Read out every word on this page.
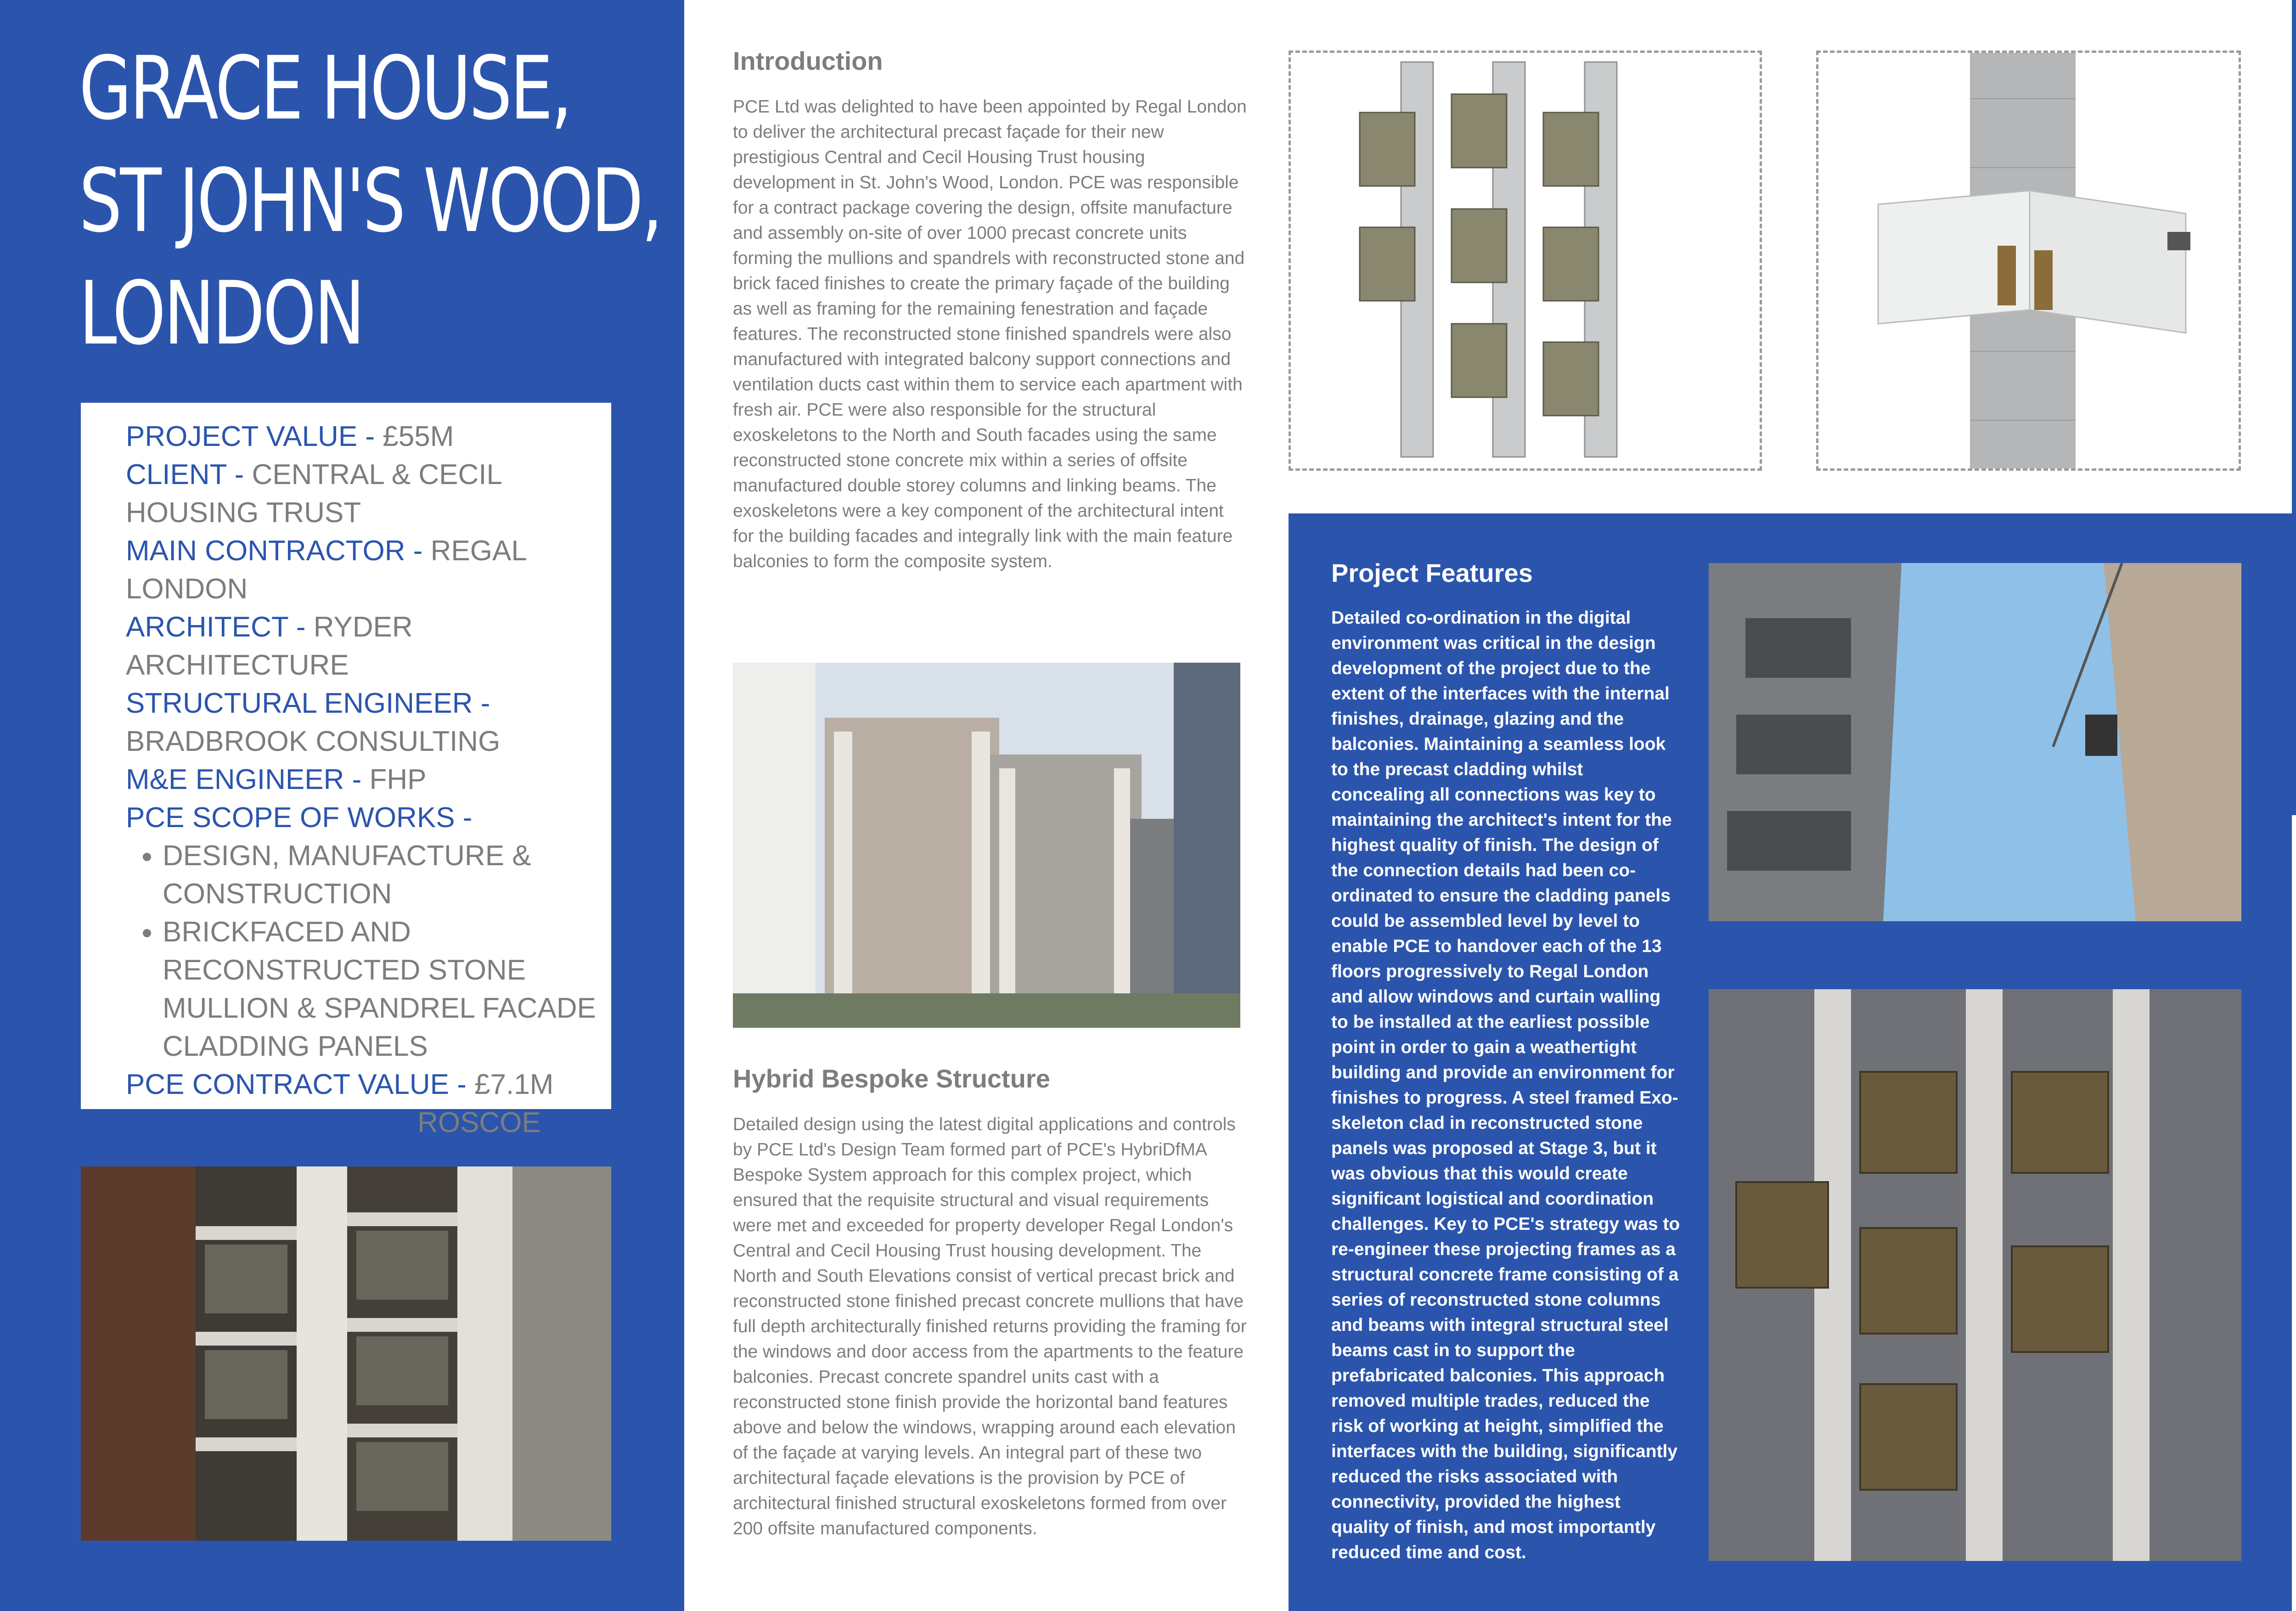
GRACE HOUSE,
ST JOHN'S WOOD,
LONDON

PROJECT VALUE - £55M

CLIENT - CENTRAL & CECIL HOUSING TRUST

MAIN CONTRACTOR - REGAL LONDON

ARCHITECT - RYDER ARCHITECTURE

STRUCTURAL ENGINEER - BRADBROOK CONSULTING

M&E ENGINEER - FHP

PCE SCOPE OF WORKS -

• DESIGN, MANUFACTURE & CONSTRUCTION
• BRICKFACED AND RECONSTRUCTED STONE MULLION & SPANDREL FACADE CLADDING PANELS

PCE CONTRACT VALUE - £7.1M

EXTERNAL DESIGN - ROSCOE

Introduction

PCE Ltd was delighted to have been appointed by Regal London to deliver the architectural precast façade for their new prestigious Central and Cecil Housing Trust housing development in St. John's Wood, London. PCE was responsible for a contract package covering the design, offsite manufacture and assembly on-site of over 1000 precast concrete units forming the mullions and spandrels with reconstructed stone and brick faced finishes to create the primary façade of the building as well as framing for the remaining fenestration and façade features. The reconstructed stone finished spandrels were also manufactured with integrated balcony support connections and ventilation ducts cast within them to service each apartment with fresh air. PCE were also responsible for the structural exoskeletons to the North and South facades using the same reconstructed stone concrete mix within a series of offsite manufactured double storey columns and linking beams. The exoskeletons were a key component of the architectural intent for the building facades and integrally link with the main feature balconies to form the composite system.

Hybrid Bespoke Structure

Detailed design using the latest digital applications and controls by PCE Ltd's Design Team formed part of PCE's HybriDfMA Bespoke System approach for this complex project, which ensured that the requisite structural and visual requirements were met and exceeded for property developer Regal London's Central and Cecil Housing Trust housing development. The North and South Elevations consist of vertical precast brick and reconstructed stone finished precast concrete mullions that have full depth architecturally finished returns providing the framing for the windows and door access from the apartments to the feature balconies. Precast concrete spandrel units cast with a reconstructed stone finish provide the horizontal band features above and below the windows, wrapping around each elevation of the façade at varying levels. An integral part of these two architectural façade elevations is the provision by PCE of architectural finished structural exoskeletons formed from over 200 offsite manufactured components.

Project Features

Detailed co-ordination in the digital environment was critical in the design development of the project due to the extent of the interfaces with the internal finishes, drainage, glazing and the balconies. Maintaining a seamless look to the precast cladding whilst concealing all connections was key to maintaining the architect's intent for the highest quality of finish. The design of the connection details had been co-ordinated to ensure the cladding panels could be assembled level by level to enable PCE to handover each of the 13 floors progressively to Regal London and allow windows and curtain walling to be installed at the earliest possible point in order to gain a weathertight building and provide an environment for finishes to progress. A steel framed Exo-skeleton clad in reconstructed stone panels was proposed at Stage 3, but it was obvious that this would create significant logistical and coordination challenges. Key to PCE's strategy was to re-engineer these projecting frames as a structural concrete frame consisting of a series of reconstructed stone columns and beams with integral structural steel beams cast in to support the prefabricated balconies. This approach removed multiple trades, reduced the risk of working at height, simplified the interfaces with the building, significantly reduced the risks associated with connectivity, provided the highest quality of finish, and most importantly reduced time and cost.
